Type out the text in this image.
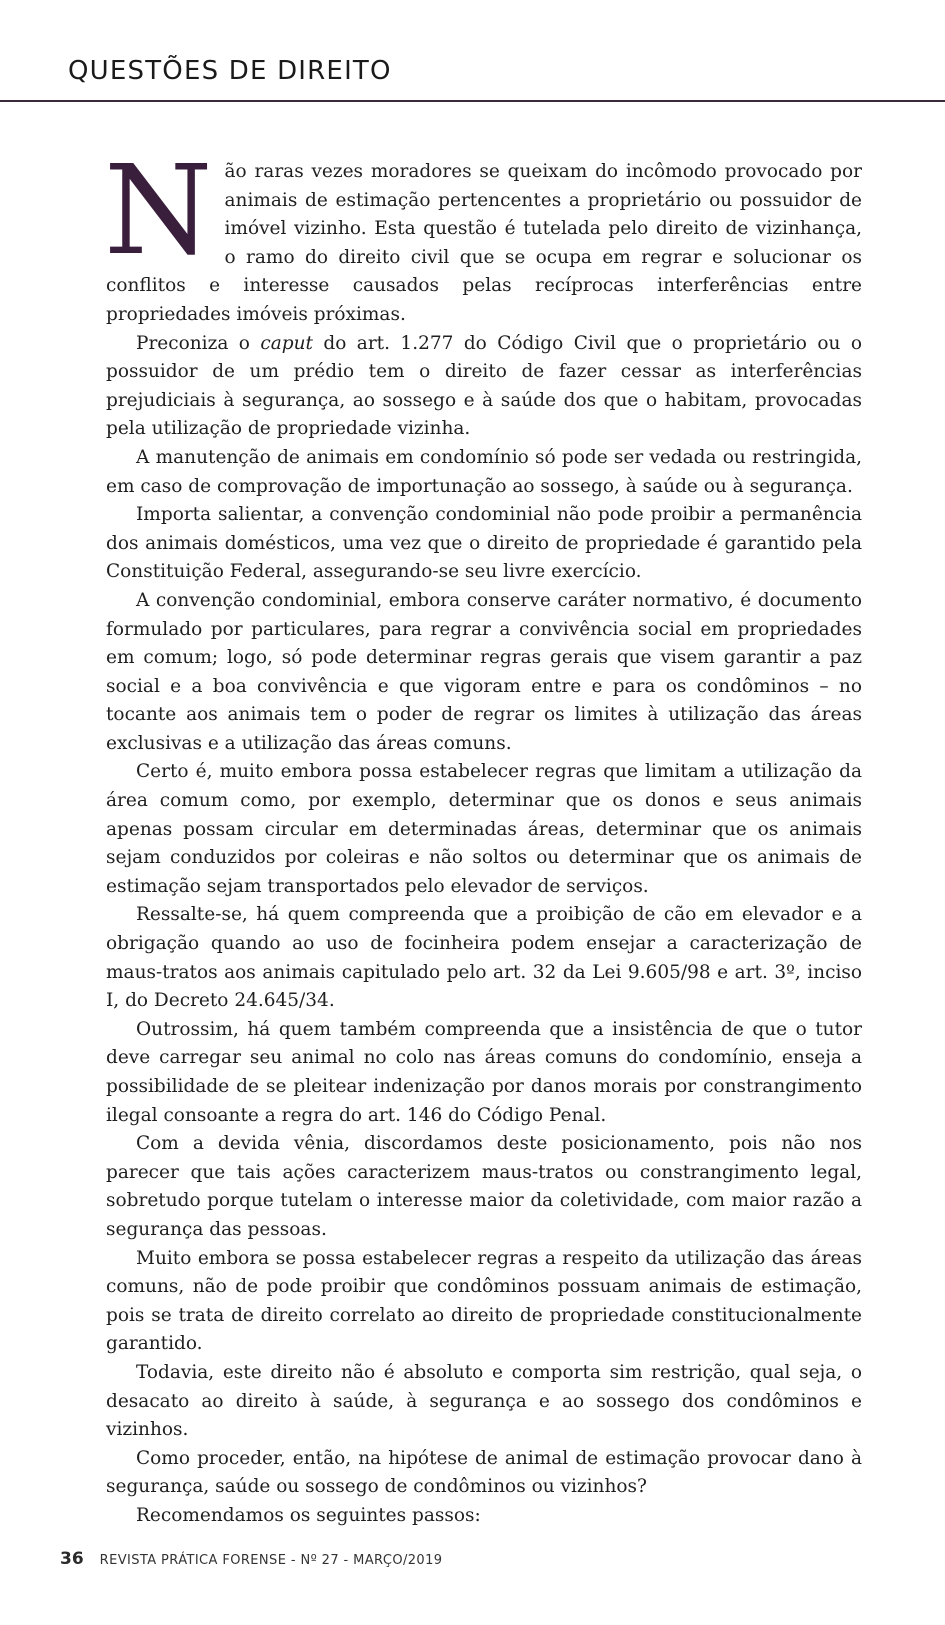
QUESTÕES DE DIREITO

Não raras vezes moradores se queixam do incômodo provocado por animais de estimação pertencentes a proprietário ou possuidor de imóvel vizinho. Esta questão é tutelada pelo direito de vizinhança, o ramo do direito civil que se ocupa em regrar e solucionar os conflitos e interesse causados pelas recíprocas interferências entre propriedades imóveis próximas.

Preconiza o caput do art. 1.277 do Código Civil que o proprietário ou o possuidor de um prédio tem o direito de fazer cessar as interferências prejudiciais à segurança, ao sossego e à saúde dos que o habitam, provocadas pela utilização de propriedade vizinha.

A manutenção de animais em condomínio só pode ser vedada ou restringida, em caso de comprovação de importunação ao sossego, à saúde ou à segurança.

Importa salientar, a convenção condominial não pode proibir a permanência dos animais domésticos, uma vez que o direito de propriedade é garantido pela Constituição Federal, assegurando-se seu livre exercício.

A convenção condominial, embora conserve caráter normativo, é documento formulado por particulares, para regrar a convivência social em propriedades em comum; logo, só pode determinar regras gerais que visem garantir a paz social e a boa convivência e que vigoram entre e para os condôminos – no tocante aos animais tem o poder de regrar os limites à utilização das áreas exclusivas e a utilização das áreas comuns.

Certo é, muito embora possa estabelecer regras que limitam a utilização da área comum como, por exemplo, determinar que os donos e seus animais apenas possam circular em determinadas áreas, determinar que os animais sejam conduzidos por coleiras e não soltos ou determinar que os animais de estimação sejam transportados pelo elevador de serviços.

Ressalte-se, há quem compreenda que a proibição de cão em elevador e a obrigação quando ao uso de focinheira podem ensejar a caracterização de maus-tratos aos animais capitulado pelo art. 32 da Lei 9.605/98 e art. 3º, inciso I, do Decreto 24.645/34.

Outrossim, há quem também compreenda que a insistência de que o tutor deve carregar seu animal no colo nas áreas comuns do condomínio, enseja a possibilidade de se pleitear indenização por danos morais por constrangimento ilegal consoante a regra do art. 146 do Código Penal.

Com a devida vênia, discordamos deste posicionamento, pois não nos parecer que tais ações caracterizem maus-tratos ou constrangimento legal, sobretudo porque tutelam o interesse maior da coletividade, com maior razão a segurança das pessoas.

Muito embora se possa estabelecer regras a respeito da utilização das áreas comuns, não de pode proibir que condôminos possuam animais de estimação, pois se trata de direito correlato ao direito de propriedade constitucionalmente garantido.

Todavia, este direito não é absoluto e comporta sim restrição, qual seja, o desacato ao direito à saúde, à segurança e ao sossego dos condôminos e vizinhos.

Como proceder, então, na hipótese de animal de estimação provocar dano à segurança, saúde ou sossego de condôminos ou vizinhos?

Recomendamos os seguintes passos:

36 REVISTA PRÁTICA FORENSE - Nº 27 - MARÇO/2019
